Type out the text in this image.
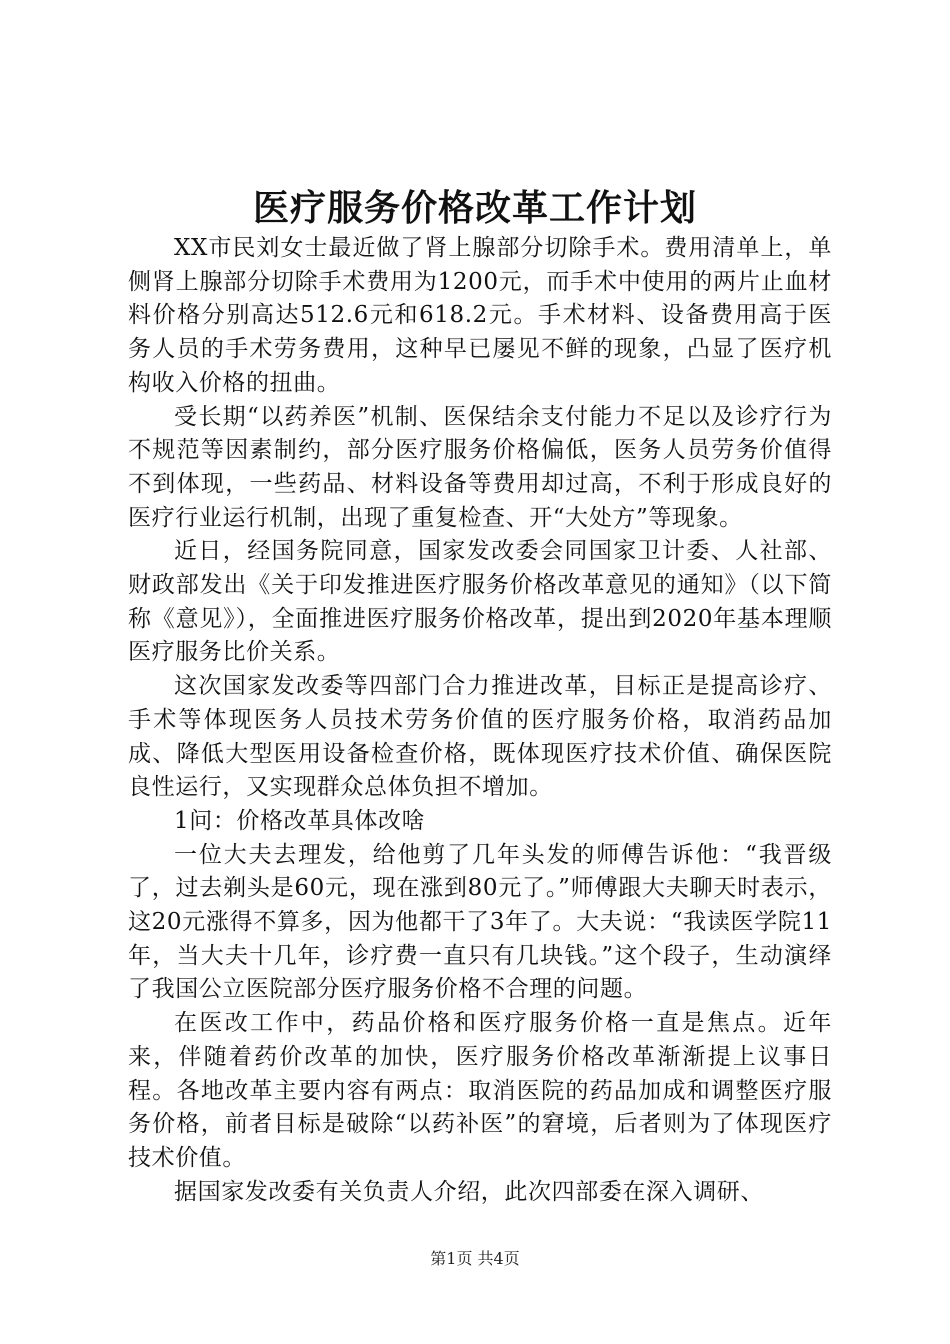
医疗服务价格改革工作计划

XX市民刘女士最近做了肾上腺部分切除手术。费用清单上，单侧肾上腺部分切除手术费用为1200元，而手术中使用的两片止血材料价格分别高达512.6元和618.2元。手术材料、设备费用高于医务人员的手术劳务费用，这种早已屡见不鲜的现象，凸显了医疗机构收入价格的扭曲。

受长期“以药养医”机制、医保结余支付能力不足以及诊疗行为不规范等因素制约，部分医疗服务价格偏低，医务人员劳务价值得不到体现，一些药品、材料设备等费用却过高，不利于形成良好的医疗行业运行机制，出现了重复检查、开“大处方”等现象。

近日，经国务院同意，国家发改委会同国家卫计委、人社部、财政部发出《关于印发推进医疗服务价格改革意见的通知》（以下简称《意见》），全面推进医疗服务价格改革，提出到2020年基本理顺医疗服务比价关系。

这次国家发改委等四部门合力推进改革，目标正是提高诊疗、手术等体现医务人员技术劳务价值的医疗服务价格，取消药品加成、降低大型医用设备检查价格，既体现医疗技术价值、确保医院良性运行，又实现群众总体负担不增加。

1问：价格改革具体改啥

一位大夫去理发，给他剪了几年头发的师傅告诉他：“我晋级了，过去剃头是60元，现在涨到80元了。”师傅跟大夫聊天时表示，这20元涨得不算多，因为他都干了3年了。大夫说：“我读医学院11年，当大夫十几年，诊疗费一直只有几块钱。”这个段子，生动演绎了我国公立医院部分医疗服务价格不合理的问题。

在医改工作中，药品价格和医疗服务价格一直是焦点。近年来，伴随着药价改革的加快，医疗服务价格改革渐渐提上议事日程。各地改革主要内容有两点：取消医院的药品加成和调整医疗服务价格，前者目标是破除“以药补医”的窘境，后者则为了体现医疗技术价值。

据国家发改委有关负责人介绍，此次四部委在深入调研、

第1页 共4页
